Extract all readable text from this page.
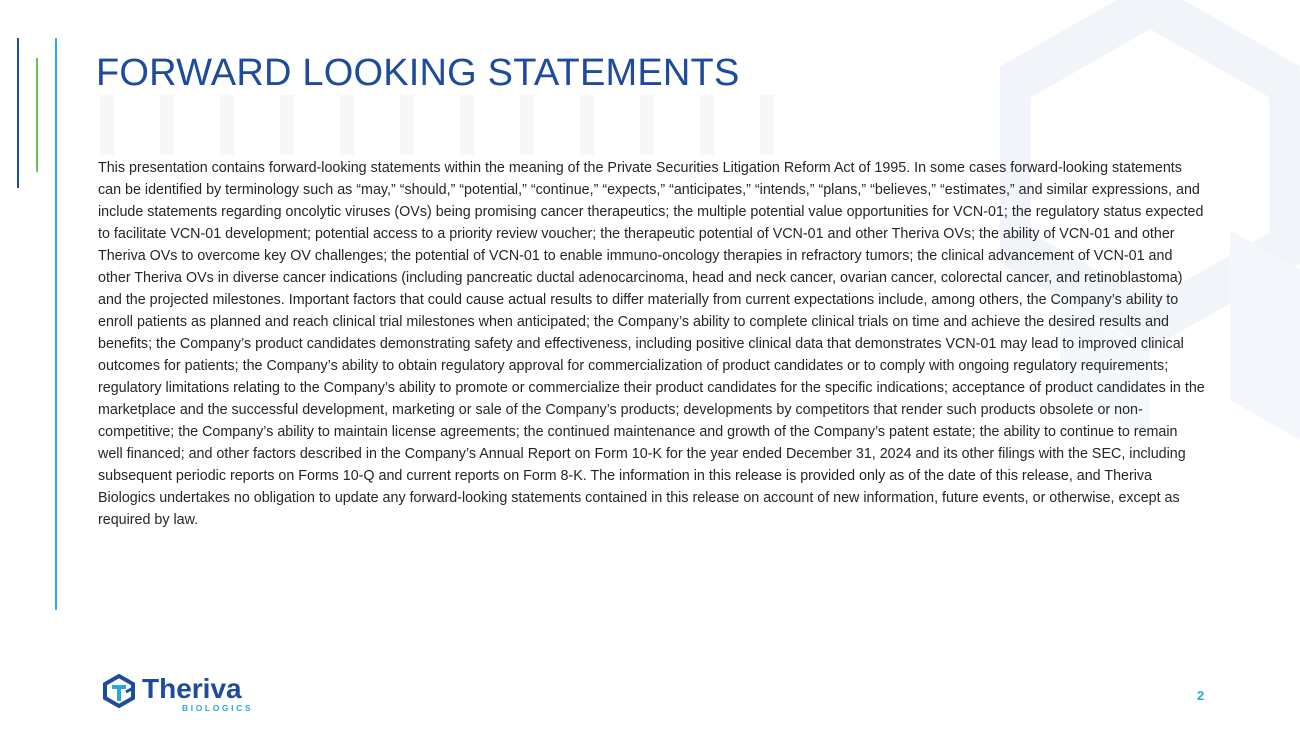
FORWARD LOOKING STATEMENTS

This presentation contains forward-looking statements within the meaning of the Private Securities Litigation Reform Act of 1995. In some cases forward-looking statements can be identified by terminology such as “may,” “should,” “potential,” “continue,” “expects,” “anticipates,” “intends,” “plans,” “believes,” “estimates,” and similar expressions, and include statements regarding oncolytic viruses (OVs) being promising cancer therapeutics; the multiple potential value opportunities for VCN-01; the regulatory status expected to facilitate VCN-01 development; potential access to a priority review voucher; the therapeutic potential of VCN-01 and other Theriva OVs; the ability of VCN-01 and other Theriva OVs to overcome key OV challenges; the potential of VCN-01 to enable immuno-oncology therapies in refractory tumors; the clinical advancement of VCN-01 and other Theriva OVs in diverse cancer indications (including pancreatic ductal adenocarcinoma, head and neck cancer, ovarian cancer, colorectal cancer, and retinoblastoma) and the projected milestones. Important factors that could cause actual results to differ materially from current expectations include, among others, the Company’s ability to enroll patients as planned and reach clinical trial milestones when anticipated; the Company’s ability to complete clinical trials on time and achieve the desired results and benefits; the Company’s product candidates demonstrating safety and effectiveness, including positive clinical data that demonstrates VCN-01 may lead to improved clinical outcomes for patients; the Company’s ability to obtain regulatory approval for commercialization of product candidates or to comply with ongoing regulatory requirements; regulatory limitations relating to the Company’s ability to promote or commercialize their product candidates for the specific indications; acceptance of product candidates in the marketplace and the successful development, marketing or sale of the Company’s products; developments by competitors that render such products obsolete or non-competitive; the Company’s ability to maintain license agreements; the continued maintenance and growth of the Company’s patent estate; the ability to continue to remain well financed; and other factors described in the Company’s Annual Report on Form 10-K for the year ended December 31, 2024 and its other filings with the SEC, including subsequent periodic reports on Forms 10-Q and current reports on Form 8-K. The information in this release is provided only as of the date of this release, and Theriva Biologics undertakes no obligation to update any forward-looking statements contained in this release on account of new information, future events, or otherwise, except as required by law.

Theriva
BIOLOGICS
2
